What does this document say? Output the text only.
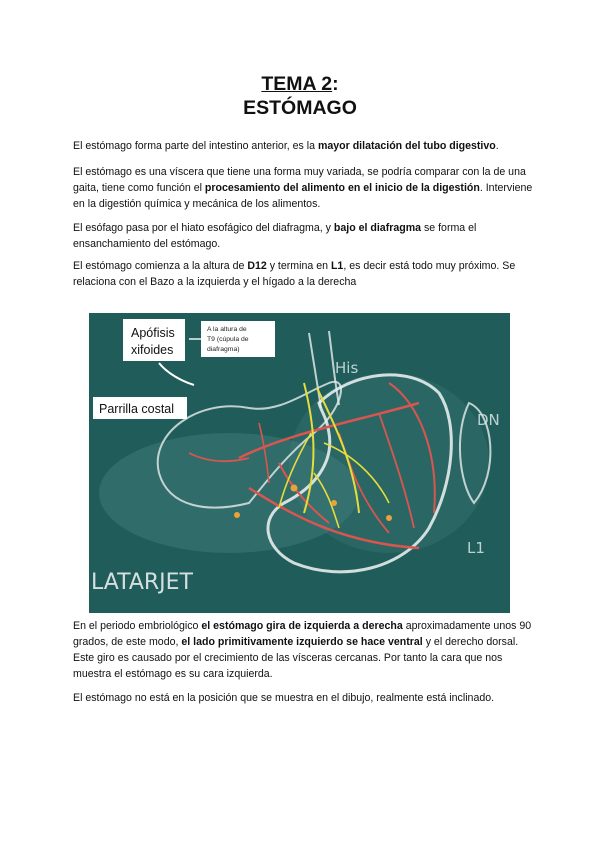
TEMA 2:
ESTÓMAGO

El estómago forma parte del intestino anterior, es la mayor dilatación del tubo digestivo.

El estómago es una víscera que tiene una forma muy variada, se podría comparar con la de una gaita, tiene como función el procesamiento del alimento en el inicio de la digestión. Interviene en la digestión química y mecánica de los alimentos.

El esófago pasa por el hiato esofágico del diafragma, y bajo el diafragma se forma el ensanchamiento del estómago.

El estómago comienza a la altura de D12 y termina en L1, es decir está todo muy próximo. Se relaciona con el Bazo a la izquierda y el hígado a la derecha

Apófisis
xifoides
A la altura de
T9 (cúpula de
diafragma)
Parrilla costal
His
DN
L1
LATARJET

En el periodo embriológico el estómago gira de izquierda a derecha aproximadamente unos 90 grados, de este modo, el lado primitivamente izquierdo se hace ventral y el derecho dorsal. Este giro es causado por el crecimiento de las vísceras cercanas. Por tanto la cara que nos muestra el estómago es su cara izquierda.

El estómago no está en la posición que se muestra en el dibujo, realmente está inclinado.
